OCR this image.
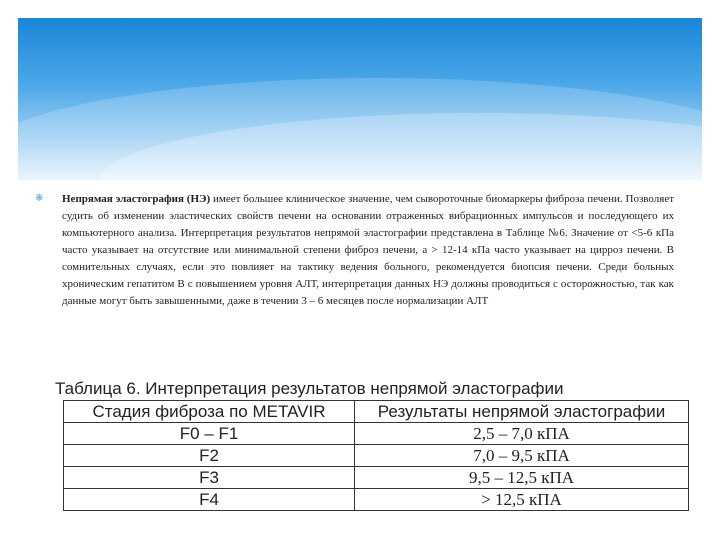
❋ Непрямая эластография (НЭ) имеет большее клиническое значение, чем сывороточные биомаркеры фиброза печени. Позволяет судить об изменении эластических свойств печени на основании отраженных вибрационных импульсов и последующего их компьютерного анализа. Интерпретация результатов непрямой эластографии представлена в Таблице №6. Значение от <5-6 кПа часто указывает на отсутствие или минимальной степени фиброз печени, а > 12-14 кПа часто указывает на цирроз печени. В сомнительных случаях, если это повлияет на тактику ведения больного, рекомендуется биопсия печени. Среди больных хроническим гепатитом В с повышением уровня АЛТ, интерпретация данных НЭ должны проводиться с осторожностью, так как данные могут быть завышенными, даже в течении 3 – 6 месяцев после нормализации АЛТ
Таблица 6. Интерпретация результатов непрямой эластографии
Стадия фиброза по METAVIR	Результаты непрямой эластографии
F0 – F1	2,5 – 7,0 кПА
F2	7,0 – 9,5 кПА
F3	9,5 – 12,5 кПА
F4	> 12,5 кПА
